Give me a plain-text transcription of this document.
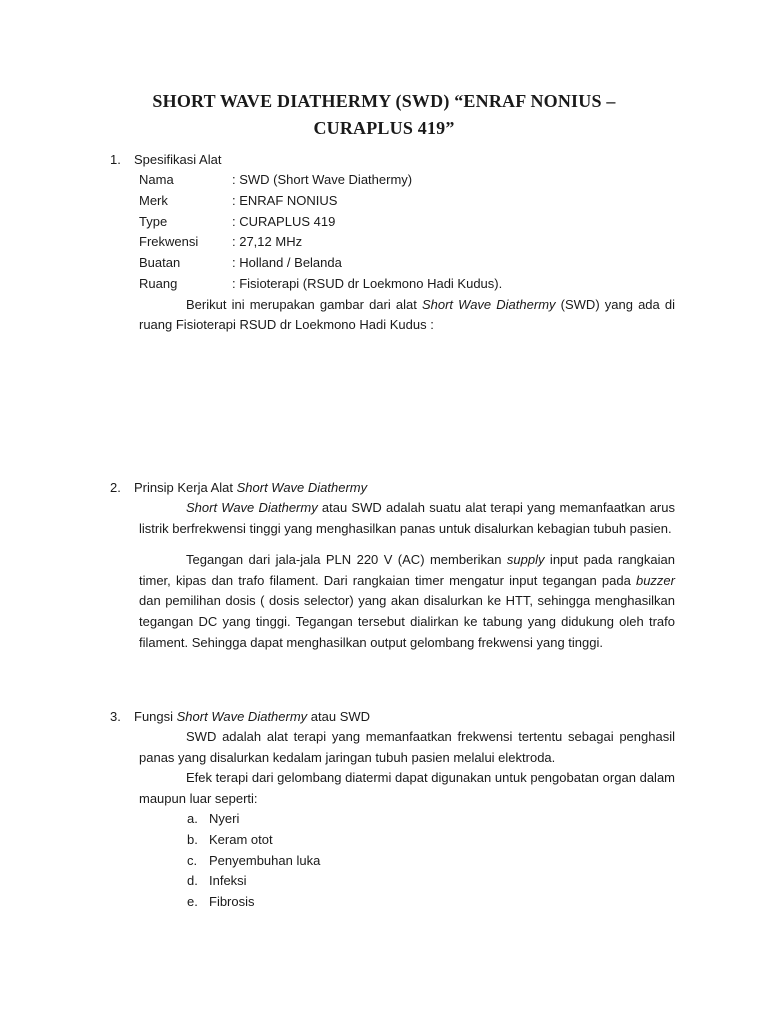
SHORT WAVE DIATHERMY (SWD) “ENRAF NONIUS –
CURAPLUS 419”
1. Spesifikasi Alat
Nama	: SWD (Short Wave Diathermy)
Merk	: ENRAF NONIUS
Type	: CURAPLUS 419
Frekwensi	: 27,12 MHz
Buatan	: Holland / Belanda
Ruang	: Fisioterapi (RSUD dr Loekmono Hadi Kudus).

Berikut ini merupakan gambar dari alat Short Wave Diathermy (SWD) yang ada di ruang Fisioterapi RSUD dr Loekmono Hadi Kudus :

2. Prinsip Kerja Alat Short Wave Diathermy

Short Wave Diathermy atau SWD adalah suatu alat terapi yang memanfaatkan arus listrik berfrekwensi tinggi yang menghasilkan panas untuk disalurkan kebagian tubuh pasien.

Tegangan dari jala-jala PLN 220 V (AC) memberikan supply input pada rangkaian timer, kipas dan trafo filament. Dari rangkaian timer mengatur input tegangan pada buzzer dan pemilihan dosis ( dosis selector) yang akan disalurkan ke HTT, sehingga menghasilkan tegangan DC yang tinggi. Tegangan tersebut dialirkan ke tabung yang didukung oleh trafo filament. Sehingga dapat menghasilkan output gelombang frekwensi yang tinggi.

3. Fungsi Short Wave Diathermy atau SWD

SWD adalah alat terapi yang memanfaatkan frekwensi tertentu sebagai penghasil panas yang disalurkan kedalam jaringan tubuh pasien melalui elektroda.

Efek terapi dari gelombang diatermi dapat digunakan untuk pengobatan organ dalam maupun luar seperti:

a. Nyeri
b. Keram otot
c. Penyembuhan luka
d. Infeksi
e. Fibrosis
